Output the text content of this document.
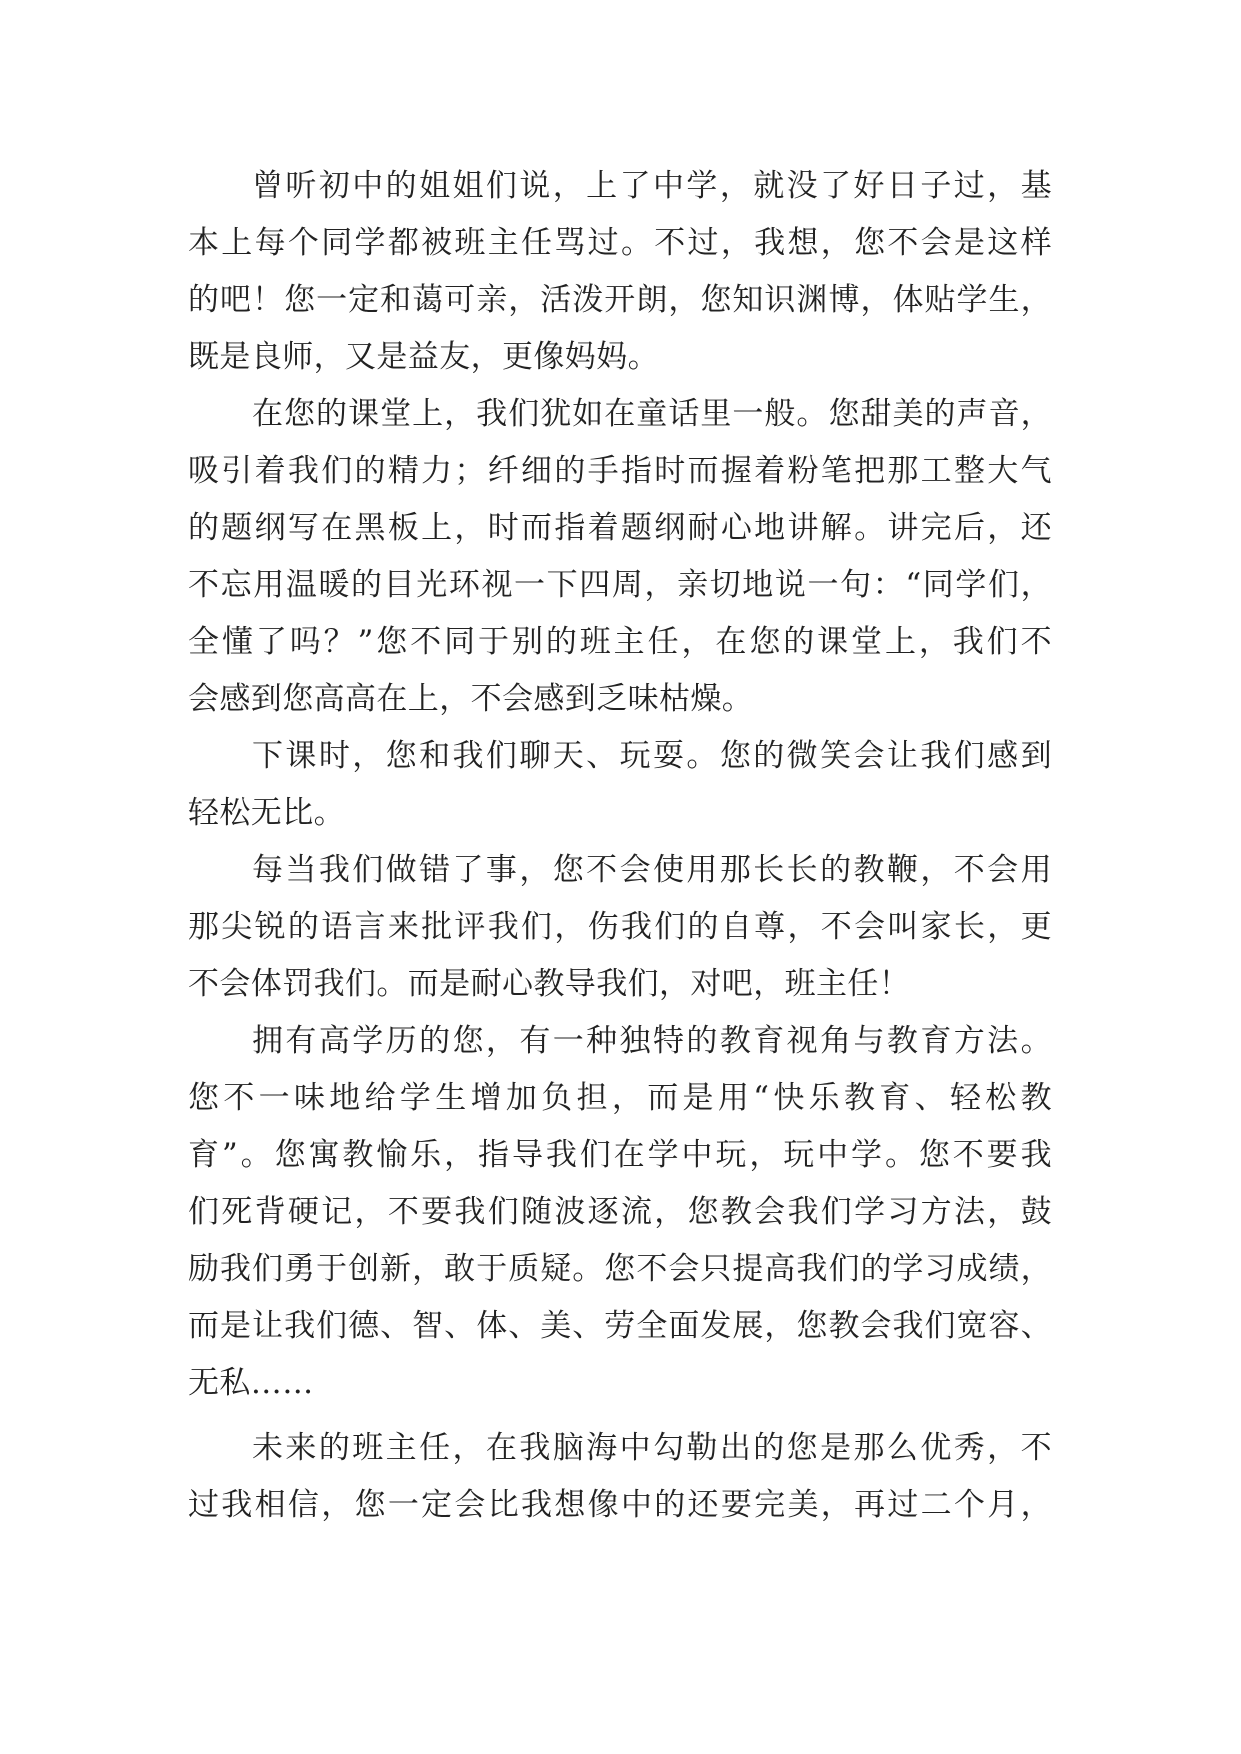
曾听初中的姐姐们说，上了中学，就没了好日子过，基
本上每个同学都被班主任骂过。不过，我想，您不会是这样
的吧！您一定和蔼可亲，活泼开朗，您知识渊博，体贴学生，
既是良师，又是益友，更像妈妈。
在您的课堂上，我们犹如在童话里一般。您甜美的声音，
吸引着我们的精力；纤细的手指时而握着粉笔把那工整大气
的题纲写在黑板上，时而指着题纲耐心地讲解。讲完后，还
不忘用温暖的目光环视一下四周，亲切地说一句：“同学们，
全懂了吗？”您不同于别的班主任，在您的课堂上，我们不
会感到您高高在上，不会感到乏味枯燥。
下课时，您和我们聊天、玩耍。您的微笑会让我们感到
轻松无比。
每当我们做错了事，您不会使用那长长的教鞭，不会用
那尖锐的语言来批评我们，伤我们的自尊，不会叫家长，更
不会体罚我们。而是耐心教导我们，对吧，班主任！
拥有高学历的您，有一种独特的教育视角与教育方法。
您不一味地给学生增加负担，而是用“快乐教育、轻松教
育”。您寓教愉乐，指导我们在学中玩，玩中学。您不要我
们死背硬记，不要我们随波逐流，您教会我们学习方法，鼓
励我们勇于创新，敢于质疑。您不会只提高我们的学习成绩，
而是让我们德、智、体、美、劳全面发展，您教会我们宽容、
无私……
未来的班主任，在我脑海中勾勒出的您是那么优秀，不
过我相信，您一定会比我想像中的还要完美，再过二个月，
